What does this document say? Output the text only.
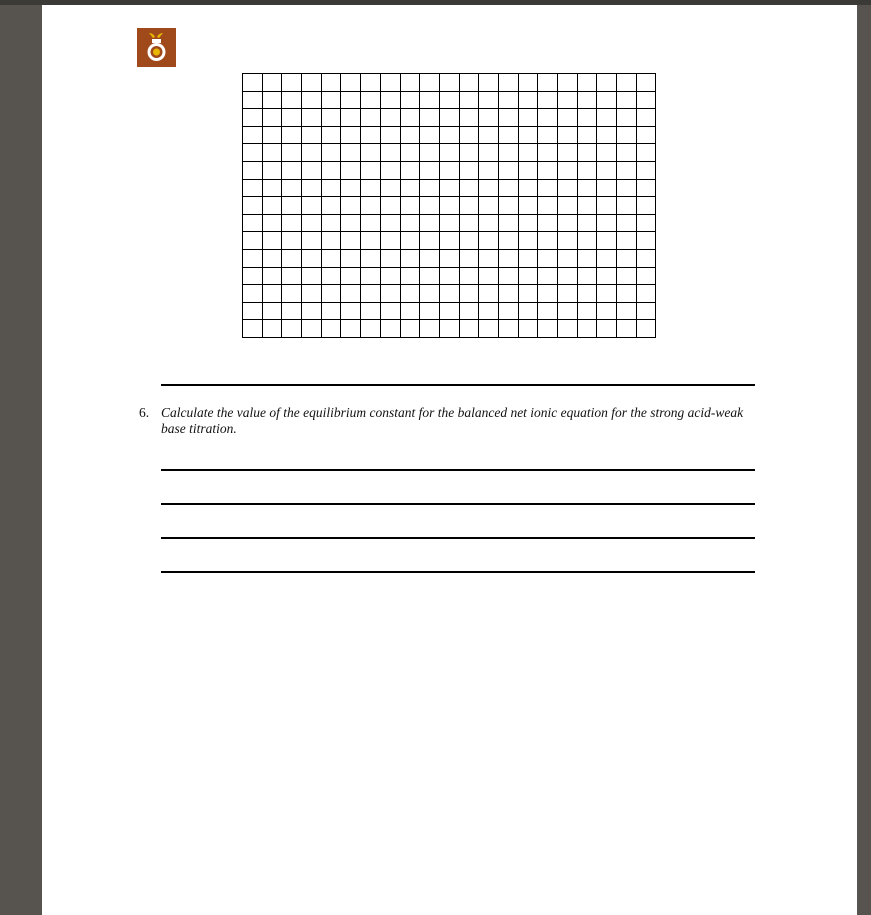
6. Calculate the value of the equilibrium constant for the balanced net ionic equation for the strong acid-weak base titration.
